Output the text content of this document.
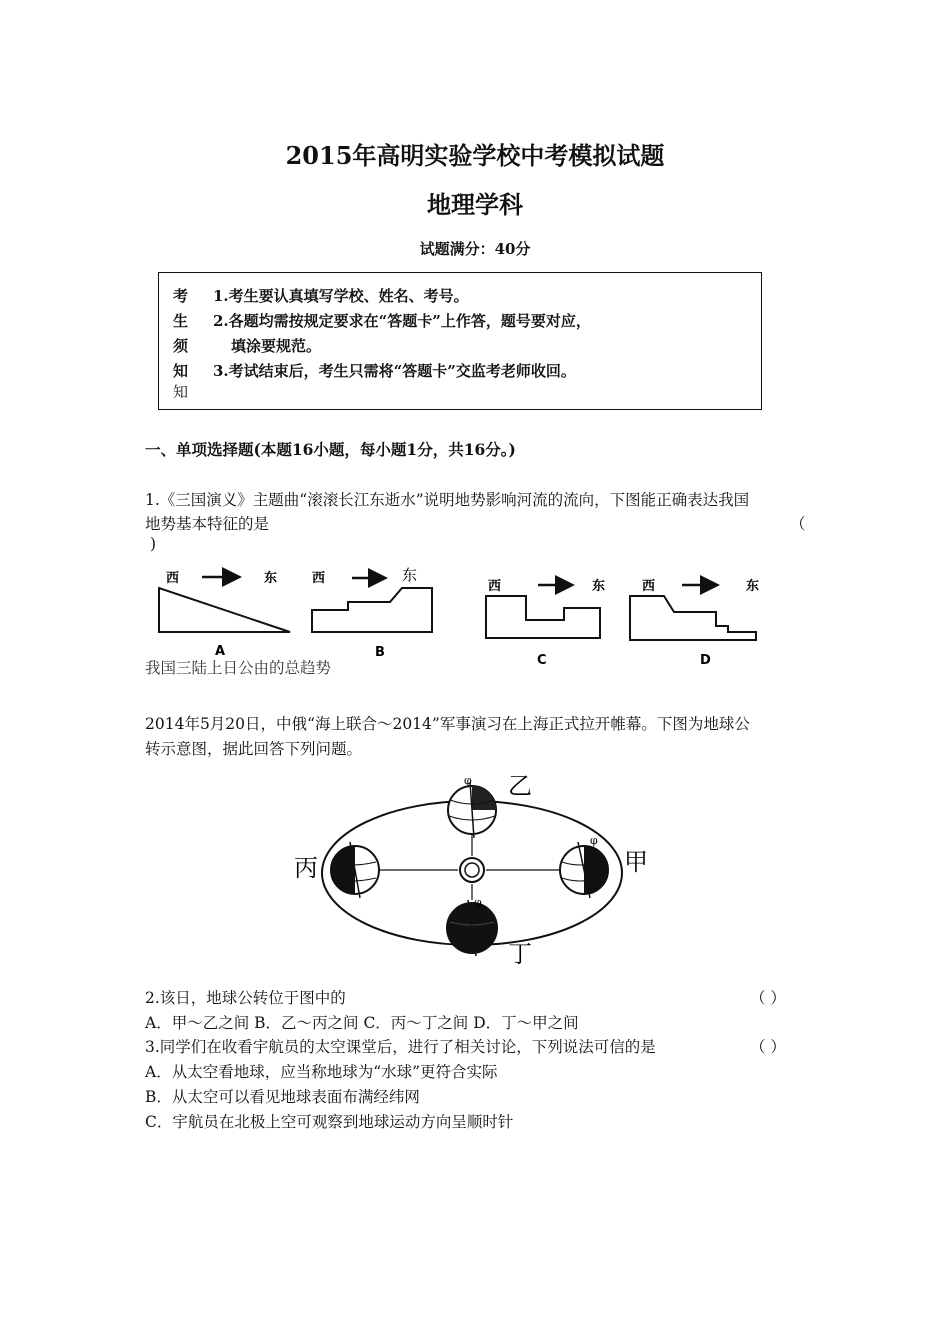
2015年高明实验学校中考模拟试题
地理学科
试题满分：40分
考
生
须
知
知
1.考生要认真填写学校、姓名、考号。
2.各题均需按规定要求在“答题卡”上作答，题号要对应，
填涂要规范。
3.考试结束后，考生只需将“答题卡”交监考老师收回。
一、单项选择题(本题16小题，每小题1分，共16分。)
1.《三国演义》主题曲“滚滚长江东逝水”说明地势影响河流的流向，下图能正确表达我国
地势基本特征的是	（
)
西	东
A
西	东
B
西	东
C
西	东
D
我国三陆上日公由的总趋势
2014年5月20日，中俄“海上联合～2014”军事演习在上海正式拉开帷幕。下图为地球公
转示意图，据此回答下列问题。
φ 乙
φ
甲
丙
φ
丁
2.该日，地球公转位于图中的	（ ）
A．甲～乙之间 B．乙～丙之间 C．丙～丁之间 D．丁～甲之间
3.同学们在收看宇航员的太空课堂后，进行了相关讨论，下列说法可信的是	（ ）
A．从太空看地球，应当称地球为“水球”更符合实际
B．从太空可以看见地球表面布满经纬网
C．宇航员在北极上空可观察到地球运动方向呈顺时针
